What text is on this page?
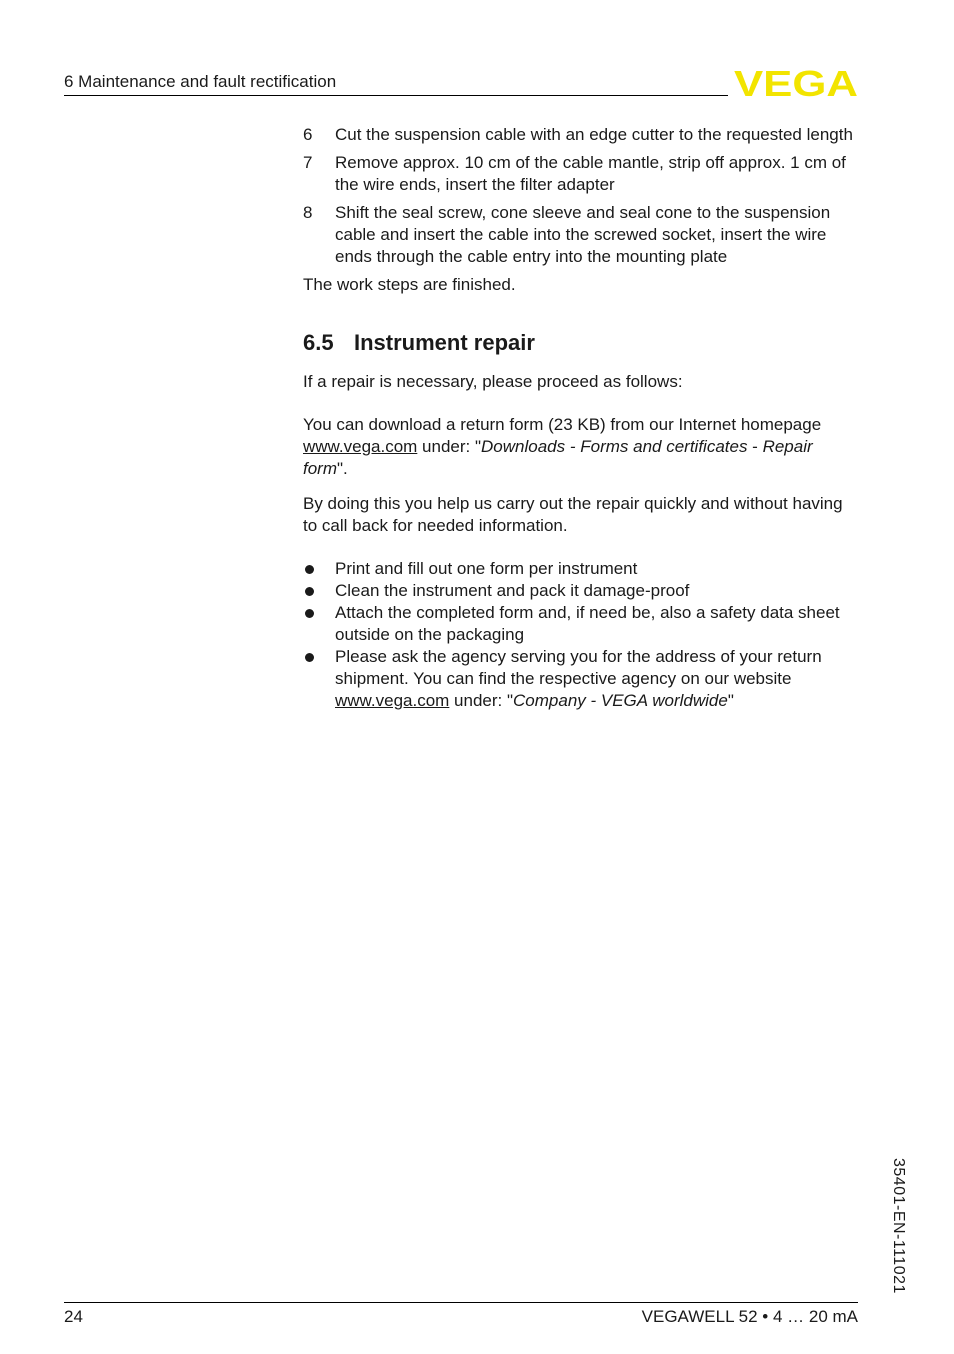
6 Maintenance and fault rectification	VEGA
6 Cut the suspension cable with an edge cutter to the requested length
7 Remove approx. 10 cm of the cable mantle, strip off approx. 1 cm of the wire ends, insert the filter adapter
8 Shift the seal screw, cone sleeve and seal cone to the suspension cable and insert the cable into the screwed socket, insert the wire ends through the cable entry into the mounting plate

The work steps are finished.

6.5 Instrument repair

If a repair is necessary, please proceed as follows:

You can download a return form (23 KB) from our Internet homepage www.vega.com under: "Downloads - Forms and certificates - Repair form".

By doing this you help us carry out the repair quickly and without having to call back for needed information.

Print and fill out one form per instrument
Clean the instrument and pack it damage-proof
Attach the completed form and, if need be, also a safety data sheet outside on the packaging
Please ask the agency serving you for the address of your return shipment. You can find the respective agency on our website www.vega.com under: "Company - VEGA worldwide"
35401-EN-111021
24	VEGAWELL 52 • 4 … 20 mA
